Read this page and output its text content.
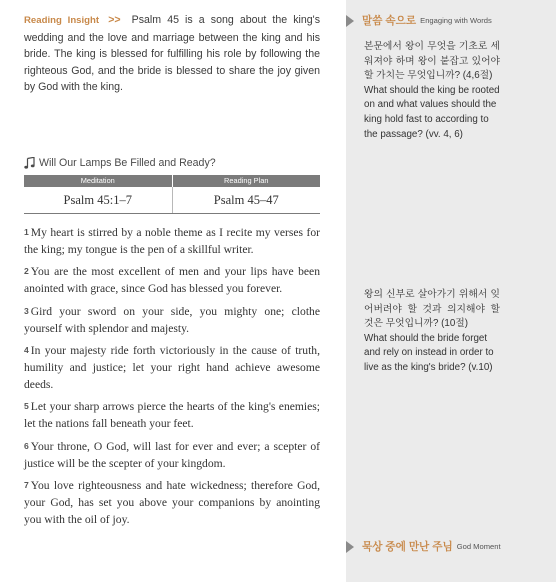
Reading Insight >> Psalm 45 is a song about the king's wedding and the love and marriage between the king and his bride. The king is blessed for fulfilling his role by following the righteous God, and the bride is blessed to share the joy given by God with the king.

Will Our Lamps Be Filled and Ready?
Meditation	Reading Plan
Psalm 45:1–7	Psalm 45–47

1 My heart is stirred by a noble theme as I recite my verses for the king; my tongue is the pen of a skillful writer.

2 You are the most excellent of men and your lips have been anointed with grace, since God has blessed you forever.

3 Gird your sword on your side, you mighty one; clothe yourself with splendor and majesty.

4 In your majesty ride forth victoriously in the cause of truth, humility and justice; let your right hand achieve awesome deeds.

5 Let your sharp arrows pierce the hearts of the king's enemies; let the nations fall beneath your feet.

6 Your throne, O God, will last for ever and ever; a scepter of justice will be the scepter of your kingdom.

7 You love righteousness and hate wickedness; therefore God, your God, has set you above your companions by anointing you with the oil of joy.

말씀 속으로 Engaging with Words

본문에서 왕이 무엇을 기초로 세워져야 하며 왕이 붙잡고 있어야 할 가치는 무엇입니까? (4,6절)

What should the king be rooted on and what values should the king hold fast to according to the passage? (vv. 4, 6)

왕의 신부로 살아가기 위해서 잊어버려야 할 것과 의지해야 할 것은 무엇입니까? (10절)

What should the bride forget and rely on instead in order to live as the king's bride? (v.10)

묵상 중에 만난 주님 God Moment
